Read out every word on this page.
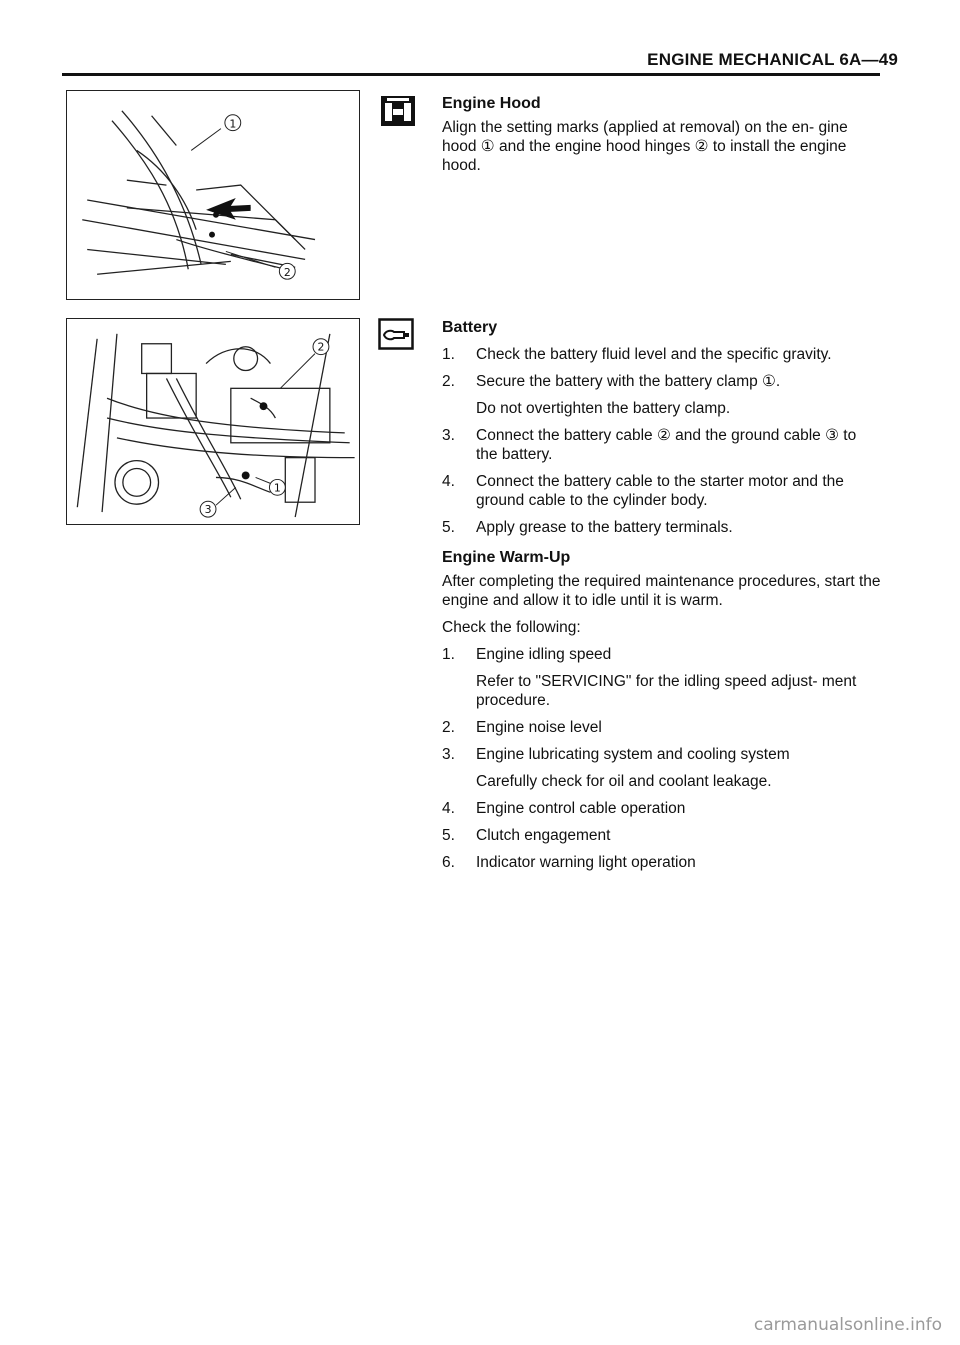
ENGINE MECHANICAL 6A—49
1
2
2
1
3
Engine Hood
Align the setting marks (applied at removal) on the en- gine hood ① and the engine hood hinges ② to install the engine hood.
Battery
1. Check the battery fluid level and the specific gravity.
2. Secure the battery with the battery clamp ①.
Do not overtighten the battery clamp.
3. Connect the battery cable ② and the ground cable ③ to the battery.
4. Connect the battery cable to the starter motor and the ground cable to the cylinder body.
5. Apply grease to the battery terminals.
Engine Warm-Up
After completing the required maintenance procedures, start the engine and allow it to idle until it is warm.
Check the following:
1. Engine idling speed
Refer to "SERVICING" for the idling speed adjust- ment procedure.
2. Engine noise level
3. Engine lubricating system and cooling system
Carefully check for oil and coolant leakage.
4. Engine control cable operation
5. Clutch engagement
6. Indicator warning light operation
carmanualsonline.info
